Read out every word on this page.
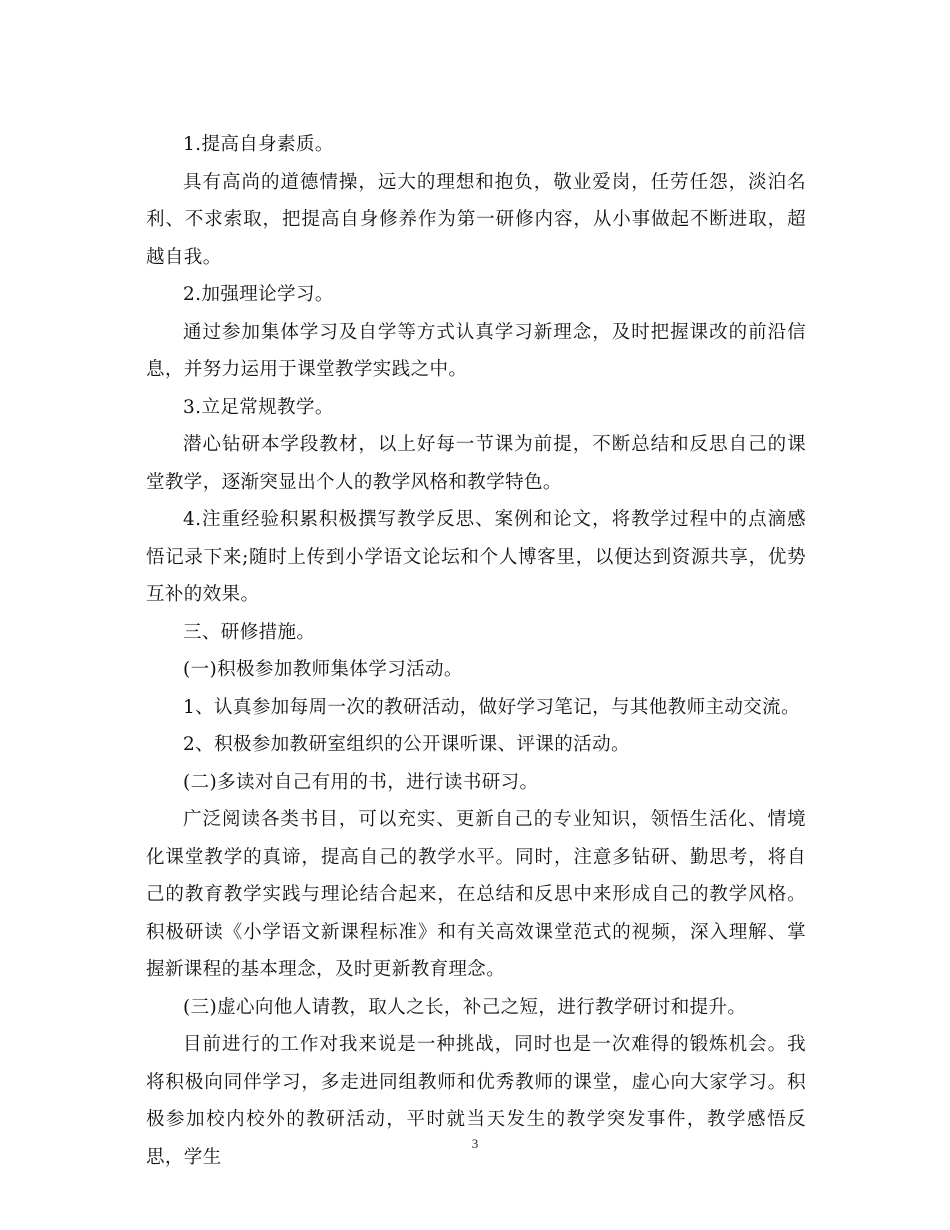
1.提高自身素质。

具有高尚的道德情操，远大的理想和抱负，敬业爱岗，任劳任怨，淡泊名利、不求索取，把提高自身修养作为第一研修内容，从小事做起不断进取，超越自我。

2.加强理论学习。

通过参加集体学习及自学等方式认真学习新理念，及时把握课改的前沿信息，并努力运用于课堂教学实践之中。

3.立足常规教学。

潜心钻研本学段教材，以上好每一节课为前提，不断总结和反思自己的课堂教学，逐渐突显出个人的教学风格和教学特色。

4.注重经验积累积极撰写教学反思、案例和论文，将教学过程中的点滴感悟记录下来;随时上传到小学语文论坛和个人博客里，以便达到资源共享，优势互补的效果。

三、研修措施。

(一)积极参加教师集体学习活动。

1、认真参加每周一次的教研活动，做好学习笔记，与其他教师主动交流。

2、积极参加教研室组织的公开课听课、评课的活动。

(二)多读对自己有用的书，进行读书研习。

广泛阅读各类书目，可以充实、更新自己的专业知识，领悟生活化、情境化课堂教学的真谛，提高自己的教学水平。同时，注意多钻研、勤思考，将自己的教育教学实践与理论结合起来，在总结和反思中来形成自己的教学风格。积极研读《小学语文新课程标准》和有关高效课堂范式的视频，深入理解、掌握新课程的基本理念，及时更新教育理念。

(三)虚心向他人请教，取人之长，补己之短，进行教学研讨和提升。

目前进行的工作对我来说是一种挑战，同时也是一次难得的锻炼机会。我将积极向同伴学习，多走进同组教师和优秀教师的课堂，虚心向大家学习。积极参加校内校外的教研活动，平时就当天发生的教学突发事件，教学感悟反思，学生

3
